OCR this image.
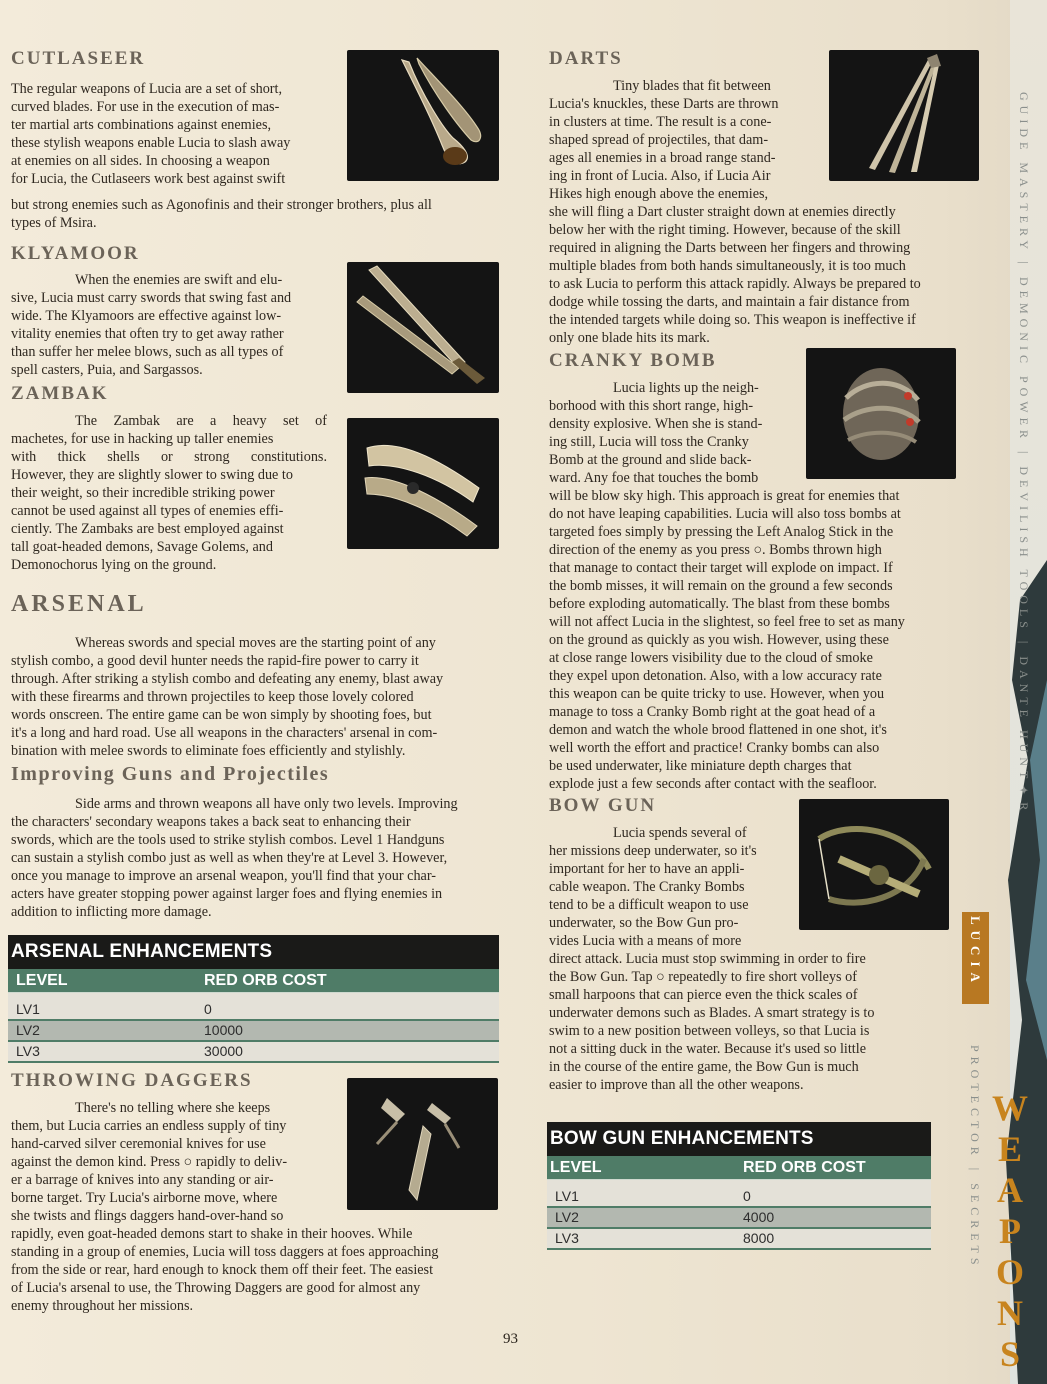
CUTLASEER
The regular weapons of Lucia are a set of short,
curved blades. For use in the execution of mas-
ter martial arts combinations against enemies,
these stylish weapons enable Lucia to slash away
at enemies on all sides. In choosing a weapon
for Lucia, the Cutlaseers work best against swift
but strong enemies such as Agonofinis and their stronger brothers, plus all
types of Msira.
KLYAMOOR
When the enemies are swift and elu-
sive, Lucia must carry swords that swing fast and
wide. The Klyamoors are effective against low-
vitality enemies that often try to get away rather
than suffer her melee blows, such as all types of
spell casters, Puia, and Sargassos.
ZAMBAK
The Zambak are a heavy set of
machetes, for use in hacking up taller enemies
with thick shells or strong constitutions.
However, they are slightly slower to swing due to
their weight, so their incredible striking power
cannot be used against all types of enemies effi-
ciently. The Zambaks are best employed against
tall goat-headed demons, Savage Golems, and
Demonochorus lying on the ground.
ARSENAL
Whereas swords and special moves are the starting point of any
stylish combo, a good devil hunter needs the rapid-fire power to carry it
through. After striking a stylish combo and defeating any enemy, blast away
with these firearms and thrown projectiles to keep those lovely colored
words onscreen. The entire game can be won simply by shooting foes, but
it's a long and hard road. Use all weapons in the characters' arsenal in com-
bination with melee swords to eliminate foes efficiently and stylishly.
Improving Guns and Projectiles
Side arms and thrown weapons all have only two levels. Improving
the characters' secondary weapons takes a back seat to enhancing their
swords, which are the tools used to strike stylish combos. Level 1 Handguns
can sustain a stylish combo just as well as when they're at Level 3. However,
once you manage to improve an arsenal weapon, you'll find that your char-
acters have greater stopping power against larger foes and flying enemies in
addition to inflicting more damage.
ARSENAL ENHANCEMENTS
LEVEL	RED ORB COST
LV1	0
LV2	10000
LV3	30000
THROWING DAGGERS
There's no telling where she keeps
them, but Lucia carries an endless supply of tiny
hand-carved silver ceremonial knives for use
against the demon kind. Press ○ rapidly to deliv-
er a barrage of knives into any standing or air-
borne target. Try Lucia's airborne move, where
she twists and flings daggers hand-over-hand so
rapidly, even goat-headed demons start to shake in their hooves. While
standing in a group of enemies, Lucia will toss daggers at foes approaching
from the side or rear, hard enough to knock them off their feet. The easiest
of Lucia's arsenal to use, the Throwing Daggers are good for almost any
enemy throughout her missions.
DARTS
Tiny blades that fit between
Lucia's knuckles, these Darts are thrown
in clusters at time. The result is a cone-
shaped spread of projectiles, that dam-
ages all enemies in a broad range stand-
ing in front of Lucia. Also, if Lucia Air
Hikes high enough above the enemies,
she will fling a Dart cluster straight down at enemies directly
below her with the right timing. However, because of the skill
required in aligning the Darts between her fingers and throwing
multiple blades from both hands simultaneously, it is too much
to ask Lucia to perform this attack rapidly. Always be prepared to
dodge while tossing the darts, and maintain a fair distance from
the intended targets while doing so. This weapon is ineffective if
only one blade hits its mark.
CRANKY BOMB
Lucia lights up the neigh-
borhood with this short range, high-
density explosive. When she is stand-
ing still, Lucia will toss the Cranky
Bomb at the ground and slide back-
ward. Any foe that touches the bomb
will be blow sky high. This approach is great for enemies that
do not have leaping capabilities. Lucia will also toss bombs at
targeted foes simply by pressing the Left Analog Stick in the
direction of the enemy as you press ○. Bombs thrown high
that manage to contact their target will explode on impact. If
the bomb misses, it will remain on the ground a few seconds
before exploding automatically. The blast from these bombs
will not affect Lucia in the slightest, so feel free to set as many
on the ground as quickly as you wish. However, using these
at close range lowers visibility due to the cloud of smoke
they expel upon detonation. Also, with a low accuracy rate
this weapon can be quite tricky to use. However, when you
manage to toss a Cranky Bomb right at the goat head of a
demon and watch the whole brood flattened in one shot, it's
well worth the effort and practice! Cranky bombs can also
be used underwater, like miniature depth charges that
explode just a few seconds after contact with the seafloor.
BOW GUN
Lucia spends several of
her missions deep underwater, so it's
important for her to have an appli-
cable weapon. The Cranky Bombs
tend to be a difficult weapon to use
underwater, so the Bow Gun pro-
vides Lucia with a means of more
direct attack. Lucia must stop swimming in order to fire
the Bow Gun. Tap ○ repeatedly to fire short volleys of
small harpoons that can pierce even the thick scales of
underwater demons such as Blades. A smart strategy is to
swim to a new position between volleys, so that Lucia is
not a sitting duck in the water. Because it's used so little
in the course of the entire game, the Bow Gun is much
easier to improve than all the other weapons.
BOW GUN ENHANCEMENTS
LEVEL	RED ORB COST
LV1	0
LV2	4000
LV3	8000
GUIDE MASTERY | DEMONIC POWER | DEVILISH TOOLS | DANTE HUNT✦R
LUCIA
PROTECTOR | SECRETS WEAPONS
93
